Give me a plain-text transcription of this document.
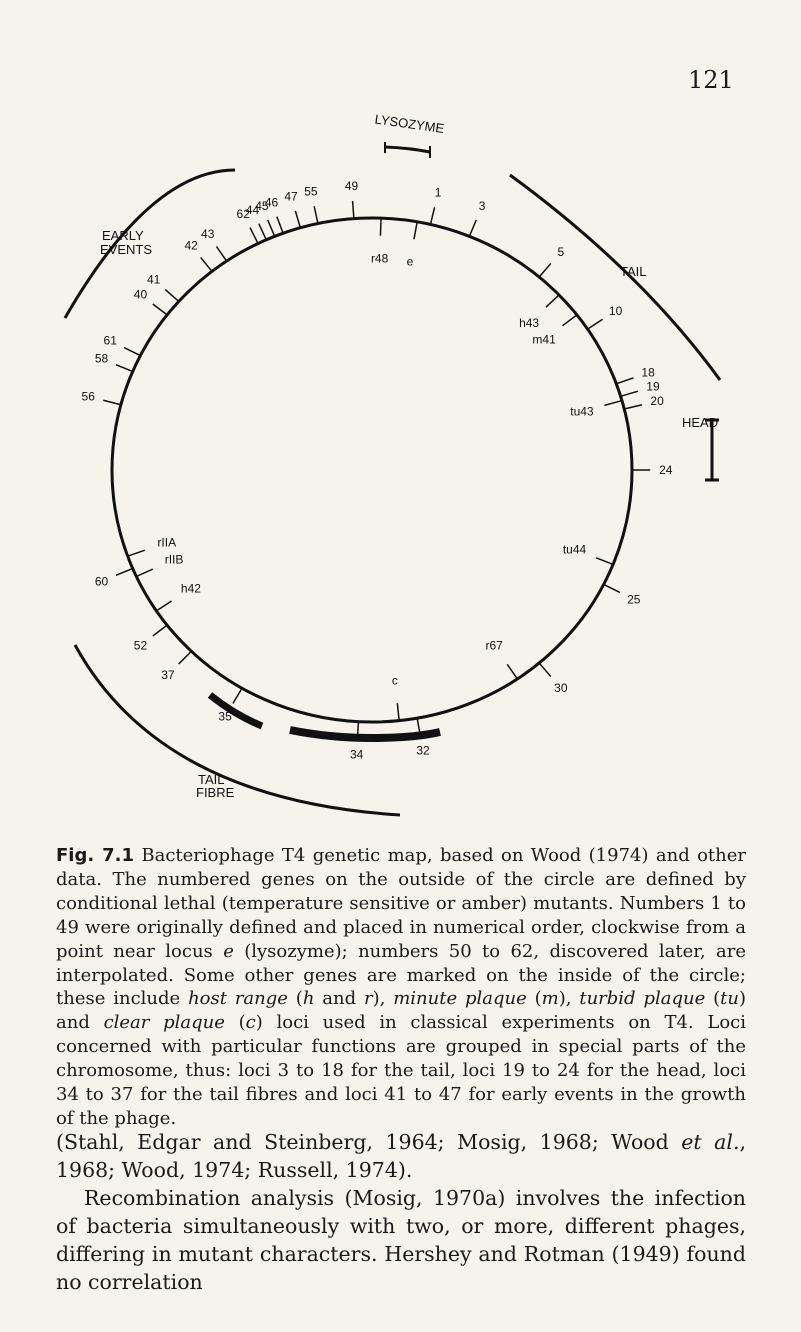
121
LYSOZYME
EARLY
EVENTS
TAIL
HEAD
TAIL
FIBRE
1
3
5
10
18
19
20
24
25
30
32
34
35
37
52
60
56
58
61
40
41
42
43
62
44
45
46 47 55 49
r48 e
h43
m41
tu43
tu44
r67
c
rIIA
rIIB
h42
Fig. 7.1 Bacteriophage T4 genetic map, based on Wood (1974) and other data. The numbered genes on the outside of the circle are defined by conditional lethal (temperature sensitive or amber) mutants. Numbers 1 to 49 were originally defined and placed in numerical order, clockwise from a point near locus e (lysozyme); numbers 50 to 62, discovered later, are interpolated. Some other genes are marked on the inside of the circle; these include host range (h and r), minute plaque (m), turbid plaque (tu) and clear plaque (c) loci used in classical experiments on T4. Loci concerned with particular functions are grouped in special parts of the chromosome, thus: loci 3 to 18 for the tail, loci 19 to 24 for the head, loci 34 to 37 for the tail fibres and loci 41 to 47 for early events in the growth of the phage.

(Stahl, Edgar and Steinberg, 1964; Mosig, 1968; Wood et al., 1968; Wood, 1974; Russell, 1974).

Recombination analysis (Mosig, 1970a) involves the infection of bacteria simultaneously with two, or more, different phages, differing in mutant characters. Hershey and Rotman (1949) found no correlation
